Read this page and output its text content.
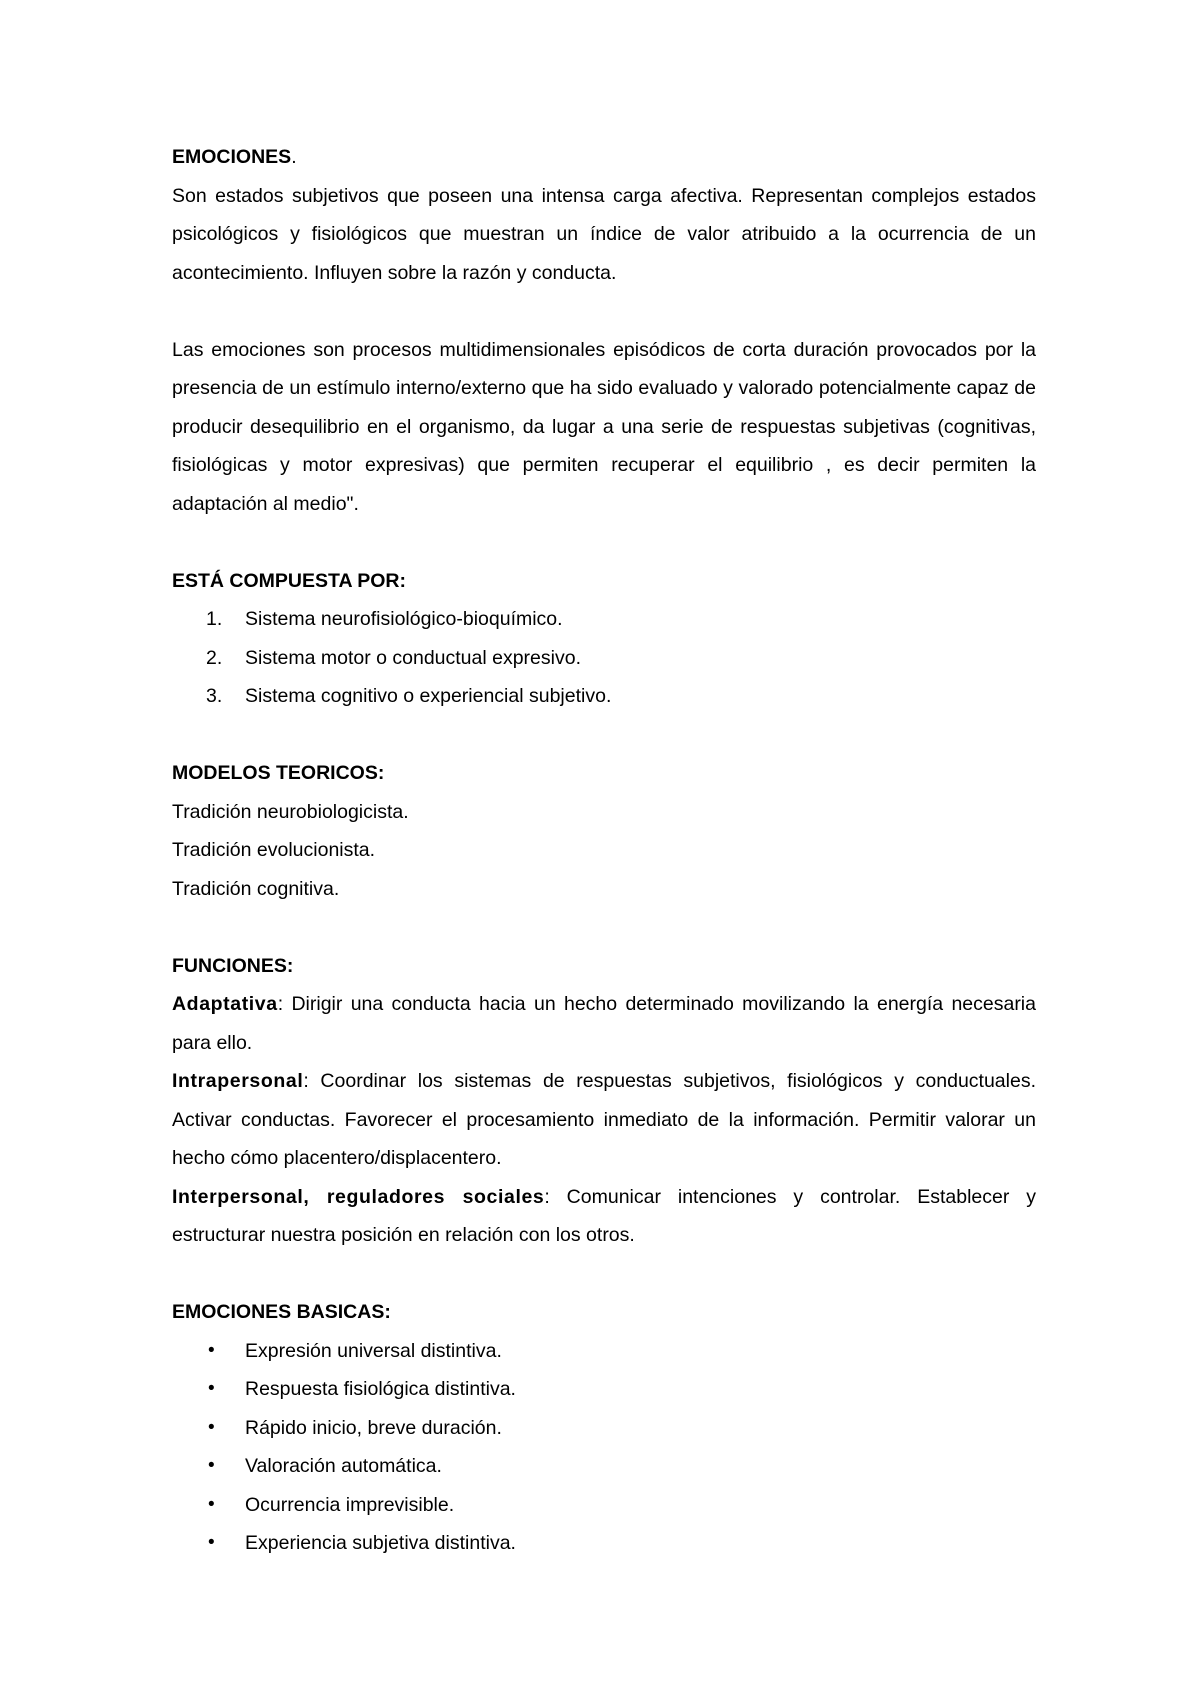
EMOCIONES.

Son estados subjetivos que poseen una intensa carga afectiva. Representan complejos estados psicológicos y fisiológicos que muestran un índice de valor atribuido a la ocurrencia de un acontecimiento. Influyen sobre la razón y conducta.

Las emociones son procesos multidimensionales episódicos de corta duración provocados por la presencia de un estímulo interno/externo que ha sido evaluado y valorado potencialmente capaz de producir desequilibrio en el organismo, da lugar a una serie de respuestas subjetivas (cognitivas, fisiológicas y motor expresivas) que permiten recuperar el equilibrio , es decir permiten la adaptación al medio".

ESTÁ COMPUESTA POR:

1. Sistema neurofisiológico-bioquímico.
2. Sistema motor o conductual expresivo.
3. Sistema cognitivo o experiencial subjetivo.

MODELOS TEORICOS:

Tradición neurobiologicista.

Tradición evolucionista.

Tradición cognitiva.

FUNCIONES:

Adaptativa: Dirigir una conducta hacia un hecho determinado movilizando la energía necesaria para ello.

Intrapersonal: Coordinar los sistemas de respuestas subjetivos, fisiológicos y conductuales. Activar conductas. Favorecer el procesamiento inmediato de la información. Permitir valorar un hecho cómo placentero/displacentero.

Interpersonal, reguladores sociales: Comunicar intenciones y controlar. Establecer y estructurar nuestra posición en relación con los otros.

EMOCIONES BASICAS:

• Expresión universal distintiva.
• Respuesta fisiológica distintiva.
• Rápido inicio, breve duración.
• Valoración automática.
• Ocurrencia imprevisible.
• Experiencia subjetiva distintiva.
